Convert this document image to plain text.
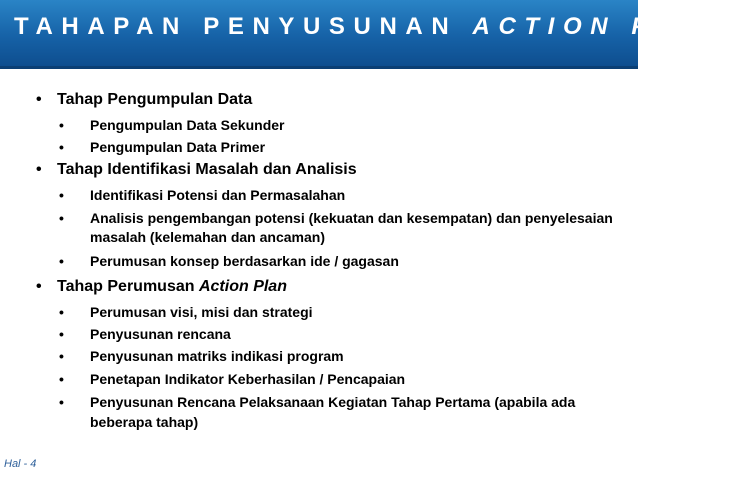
TAHAPAN PENYUSUNAN ACTION PLAN
• Tahap Pengumpulan Data
• Pengumpulan Data Sekunder
• Pengumpulan Data Primer
• Tahap Identifikasi Masalah dan Analisis
• Identifikasi Potensi dan Permasalahan
• Analisis pengembangan potensi (kekuatan dan kesempatan) dan penyelesaian
masalah (kelemahan dan ancaman)
• Perumusan konsep berdasarkan ide / gagasan
• Tahap Perumusan Action Plan
• Perumusan visi, misi dan strategi
• Penyusunan rencana
• Penyusunan matriks indikasi program
• Penetapan Indikator Keberhasilan / Pencapaian
• Penyusunan Rencana Pelaksanaan Kegiatan Tahap Pertama (apabila ada
beberapa tahap)
Hal - 4
